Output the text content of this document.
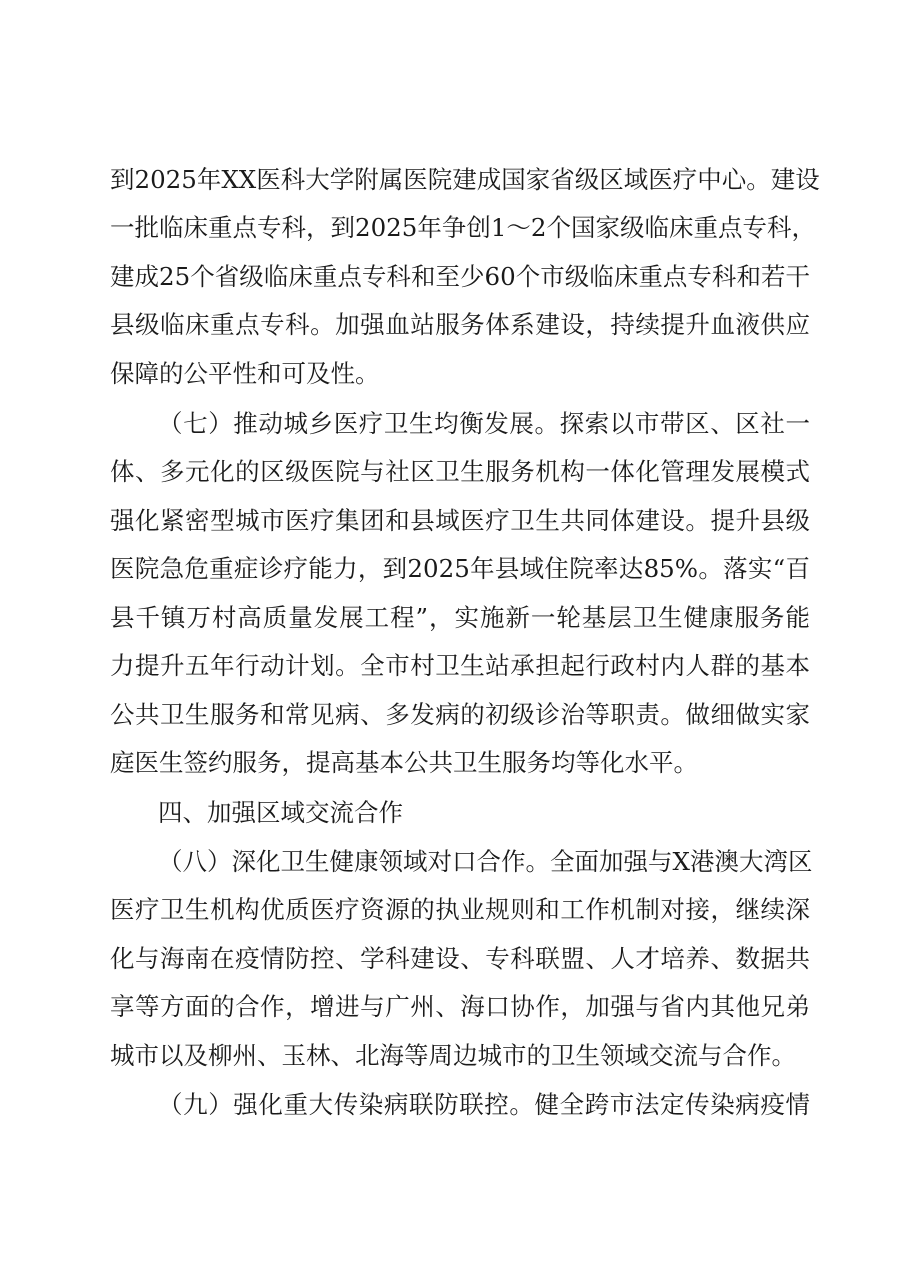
到2025年XX医科大学附属医院建成国家省级区域医疗中心。建设
一批临床重点专科，到2025年争创1～2个国家级临床重点专科，
建成25个省级临床重点专科和至少60个市级临床重点专科和若干
县级临床重点专科。加强血站服务体系建设，持续提升血液供应
保障的公平性和可及性。
（七）推动城乡医疗卫生均衡发展。探索以市带区、区社一
体、多元化的区级医院与社区卫生服务机构一体化管理发展模式
强化紧密型城市医疗集团和县域医疗卫生共同体建设。提升县级
医院急危重症诊疗能力，到2025年县域住院率达85%。落实“百
县千镇万村高质量发展工程”，实施新一轮基层卫生健康服务能
力提升五年行动计划。全市村卫生站承担起行政村内人群的基本
公共卫生服务和常见病、多发病的初级诊治等职责。做细做实家
庭医生签约服务，提高基本公共卫生服务均等化水平。
四、加强区域交流合作
（八）深化卫生健康领域对口合作。全面加强与X港澳大湾区
医疗卫生机构优质医疗资源的执业规则和工作机制对接，继续深
化与海南在疫情防控、学科建设、专科联盟、人才培养、数据共
享等方面的合作，增进与广州、海口协作，加强与省内其他兄弟
城市以及柳州、玉林、北海等周边城市的卫生领域交流与合作。
（九）强化重大传染病联防联控。健全跨市法定传染病疫情
